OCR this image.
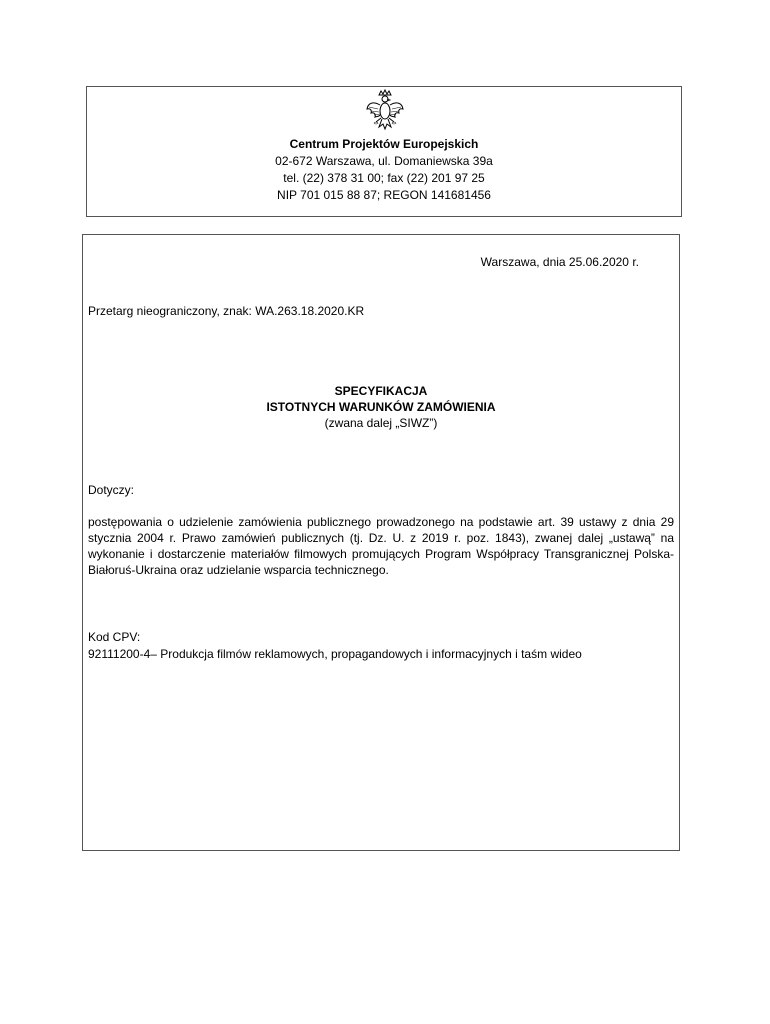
Centrum Projektów Europejskich
02-672 Warszawa, ul. Domaniewska 39a
tel. (22) 378 31 00; fax (22) 201 97 25
NIP 701 015 88 87; REGON 141681456
Warszawa, dnia 25.06.2020 r.
Przetarg nieograniczony, znak: WA.263.18.2020.KR
SPECYFIKACJA
ISTOTNYCH WARUNKÓW ZAMÓWIENIA
(zwana dalej „SIWZ”)
Dotyczy:
postępowania o udzielenie zamówienia publicznego prowadzonego na podstawie art. 39 ustawy z dnia 29 stycznia 2004 r. Prawo zamówień publicznych (tj. Dz. U. z 2019 r. poz. 1843), zwanej dalej „ustawą” na wykonanie i dostarczenie materiałów filmowych promujących Program Współpracy Transgranicznej Polska-Białoruś-Ukraina oraz udzielanie wsparcia technicznego.
Kod CPV:
92111200-4– Produkcja filmów reklamowych, propagandowych i informacyjnych i taśm wideo
